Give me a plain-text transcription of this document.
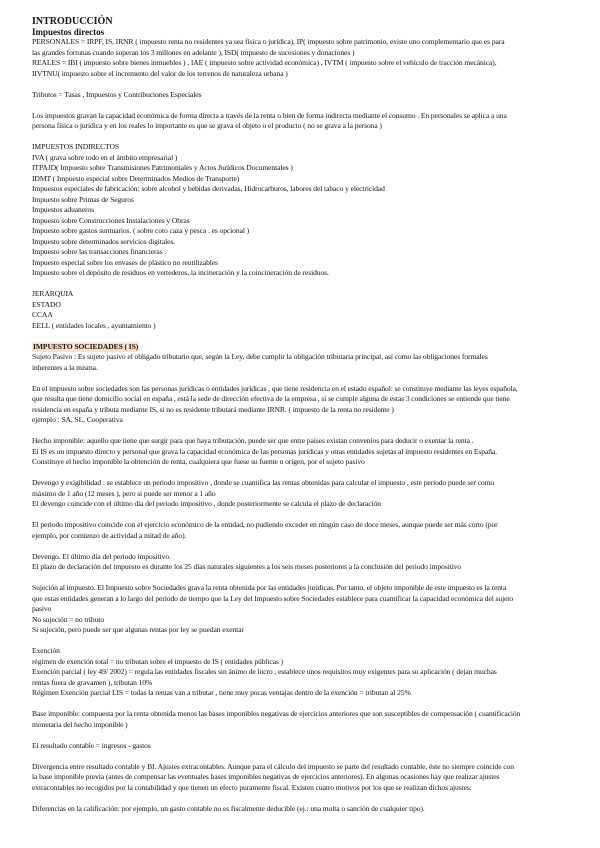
INTRODUCCIÓN
Impuestos directos
PERSONALES = IRPF, IS, IRNR ( impuesto renta no residentes ya sea física o jurídica), IP( impuesto sobre patrimonio, existe uno complementario que es para
las grandes fortunas cuando superan los 3 millones en adelante ), ISD( impuesto de sucesiones y donaciones )
REALES = IBI ( impuesto sobre bienes inmuebles ) , IAE ( impuesto sobre actividad económica) , IVTM ( impuesto sobre el vehículo de tracción mecánica),
IIVTNU( impuesto sobre el incremento del valor de los terrenos de naturaleza urbana )
Tributos = Tasas , Impuestos y Contribuciones Especiales
Los impuestos gravan la capacidad económica de forma directa a través de la renta o bien de forma indirecta mediante el consumo . En personales se aplica a una
persona física o jurídica y en los reales lo importante es que se grava el objeto o el producto ( no se grava a la persona )
IMPUESTOS INDIRECTOS
IVA ( grava sobre todo en el ámbito empresarial )
ITPAJD( Impuesto sobre Transmisiones Patrimoniales y Actos Jurídicos Documentales )
IDMT ( Impuesto especial sobre Determinados Medios de Transporte)
Impuestos especiales de fabricación: sobre alcohol y bebidas derivadas, Hidrocarburos, labores del tabaco y electricidad
Impuesto sobre Primas de Seguros
Impuestos aduaneros
Impuesto sobre Construcciones Instalaciones y Obras
Impuesto sobre gastos suntuarios. ( sobre coto caza y pesca . es opcional )
Impuesto sobre determinados servicios digitales.
Impuesto sobre las transacciones financieras .
Impuesto especial sobre los envases de plástico no reutilizables
Impuesto sobre el depósito de residuos en vertederos, la incineración y la coincineración de residuos.
JERARQUIA
ESTADO
CCAA
EELL ( entidades locales , ayuntamiento )
IMPUESTO SOCIEDADES ( IS)
Sujeto Pasivo : Es sujeto pasivo el obligado tributario que, según la Ley, debe cumplir la obligación tributaria principal, así como las obligaciones formales
inherentes a la misma.
En el impuesto sobre sociedades son las personas jurídicas o entidades jurídicas , que tiene residencia en el estado español: se constituye mediante las leyes española,
que resulta que tiene domicilio social en españa , está la sede de dirección efectiva de la empresa , si se cumple alguna de estas 3 condiciones se entiende que tiene
residencia en españa y tributa mediante IS, si no es residente tributará mediante IRNR. ( impuesto de la renta no residente )
ejemplo : SA, SL, Cooperativa
Hecho imponible: aquello que tiene que surgir para que haya tributación, puede ser que entre países existan convenios para deducir o exentar la renta .
El IS es un impuesto directo y personal que grava la capacidad económica de las personas jurídicas y otras entidades sujetas al impuesto residentes en España.
Constituye el hecho imponible la obtención de renta, cualquiera que fuese su fuente u origen, por el sujeto pasivo
Devengo y exigibilidad : se establece un periodo impositivo , donde se cuantifica las rentas obtenidas para calcular el impuesto , este periodo puede ser como
máximo de 1 año (12 meses ), pero si puede ser menor a 1 año
El devengo coincide con el último día del periodo impositivo , donde posteriormente se calcula el plazo de declaración
El periodo impositivo coincide con el ejercicio económico de la entidad, no pudiendo exceder en ningún caso de doce meses, aunque puede ser más corto (por
ejemplo, por comienzo de actividad a mitad de año).
Devengo. El último día del periodo impositivo.
El plazo de declaración del impuesto es durante los 25 días naturales siguientes a los seis meses posteriores a la conclusión del periodo impositivo
Sujeción al impuesto. El Impuesto sobre Sociedades grava la renta obtenida por las entidades jurídicas. Por tanto, el objeto imponible de este impuesto es la renta
que estas entidades generan a lo largo del período de tiempo que la Ley del Impuesto sobre Sociedades establece para cuantificar la capacidad económica del sujeto
pasivo
No sujeción = no tributo
Si sujeción, pero puede ser que algunas rentas por ley se puedan exentar
Exención
régimen de exención total = no tributan sobre el impuesto de IS ( entidades públicas )
Exención parcial ( ley 49/ 2002) = regula las entidades fiscales sin ánimo de lucro , establece unos requisitos muy exigentes para su aplicación ( dejan muchas
rentas fuera de gravamen ), tributan 10%
Régimen Exención parcial LIS = todas la rentas van a tributar , tiene muy pocas ventajas dentro de la exención = tributan al 25%
Base imponible: compuesta por la renta obtenida menos las bases imponibles negativas de ejercicios anteriores que son susceptibles de compensación ( cuantificación
monetaria del hecho imponible )
El resultado contable = ingresos - gastos
Divergencia entre resultado contable y BI. Ajustes extracontables. Aunque para el cálculo del impuesto se parte del resultado contable, éste no siempre coincide con
la base imponible previa (antes de compensar las eventuales bases imponibles negativas de ejercicios anteriores). En algunas ocasiones hay que realizar ajustes
extracontables no recogidos por la contabilidad y que tienen un efecto puramente fiscal. Existen cuatro motivos por los que se realizan dichos ajustes:
Diferencias en la calificación: por ejemplo, un gasto contable no es fiscalmente deducible (ej.: una multa o sanción de cualquier tipo).
